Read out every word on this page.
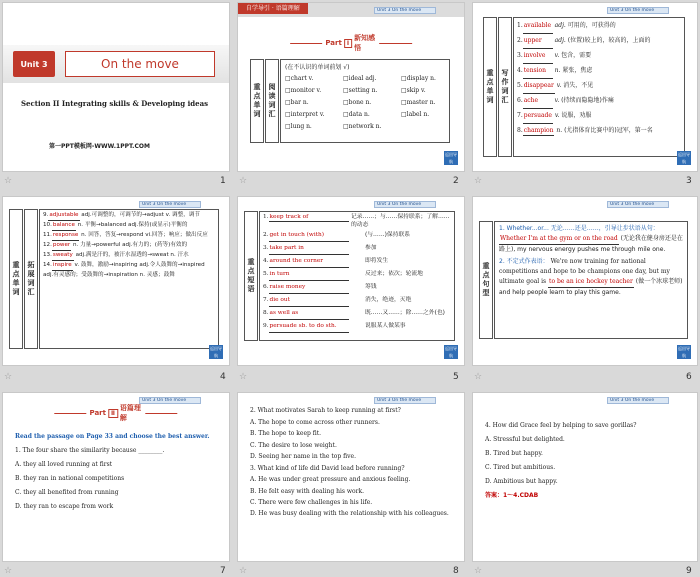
Unit 3	On the move
Section II Integrating skills & Developing ideas
第一PPT模板网-WWW.1PPT.COM
1
自学导引 · 语篇理解	Unit 3 On the move
Part Ⅰ
新知感悟
重点单词 阅读词汇
(在不认识的单词前划 √)
□chart v.	□ideal adj.	□display n.
□monitor v.	□setting n.	□skip v.
□bar n.	□bone n.	□master n.
□interpret v.	□data n.	□label n.
□lung n.	□network n.
返回导航
2
Unit 3 On the move
重点单词 写作词汇
1.available adj. 可用的，可获得的
2.upper adj. (位置)较上的，较高的，上面的
3.involve v. 包含，需要
4.tension n. 紧张，焦虑
5.disappear v. 消失，不见
6.ache	v. (持续而隐隐地)作痛
7.persuade v. 说服，劝服
8.champion n. (尤指体育比赛中的)冠军，第一名
返回导航
3
Unit 3 On the move
重点单词 拓展词汇
9.adjustable adj.可调整的，可调节的→adjust v. 调整，调节
10.balance n. 平衡→balanced adj.保持(或显示)平衡的
11.response n. 回答，答复→respond vi.回答；响应；做出反应
12.power n. 力量→powerful adj.有力的；(药等)有效的
13.sweaty adj.满是汗的，被汗水湿透的→sweat n. 汗水
14.inspire v. 鼓舞，激励→inspiring adj.令人鼓舞的→inspired adj.有灵感的；受鼓舞的→inspiration n. 灵感；鼓舞
返回导航
4
Unit 3 On the move
重点短语
1.keep track of	记录……；与……保持联系；了解……的动态
2.get in touch (with)	(与……)保持联系
3.take part in	参加
4.around the corner	即将发生
5.in turn	反过来；依次；轮流地
6.raise money	筹钱
7.die out	消失，绝迹，灭绝
8.as well as	既……又……；除……之外(也)
9.persuade sb. to do sth.	说服某人做某事
返回导航
5
Unit 3 On the move
重点句型
1. Whether...or... 无论……还是……，引导让步状语从句： Whether I'm at the gym or on the road (无论我在健身房还是在路上), my nervous energy pushes me through mile one.
2. 不定式作表语： We're now training for national competitions and hope to be champions one day, but my ultimate goal is to be an ice hockey teacher (做一个冰球老师) and help people learn to play this game.
返回导航
6
Unit 3 On the move
Part Ⅱ
语篇理解
Read the passage on Page 33 and choose the best answer.
1. The four share the similarity because ________.
A. they all loved running at first
B. they ran in national competitions
C. they all benefited from running
D. they ran to escape from work
7
Unit 3 On the move
2. What motivates Sarah to keep running at first?
A. The hope to come across other runners.
B. The hope to keep fit.
C. The desire to lose weight.
D. Seeing her name in the top five.
3. What kind of life did David lead before running?
A. He was under great pressure and anxious feeling.
B. He felt easy with dealing his work.
C. There were few challenges in his life.
D. He was busy dealing with the relationship with his colleagues.
8
Unit 3 On the move
4. How did Grace feel by helping to save gorillas?
A. Stressful but delighted.
B. Tired but happy.
C. Tired but ambitious.
D. Ambitious but happy.
答案：1～4.CDAB
9
☆	☆	☆
☆	☆	☆
☆	☆	☆
